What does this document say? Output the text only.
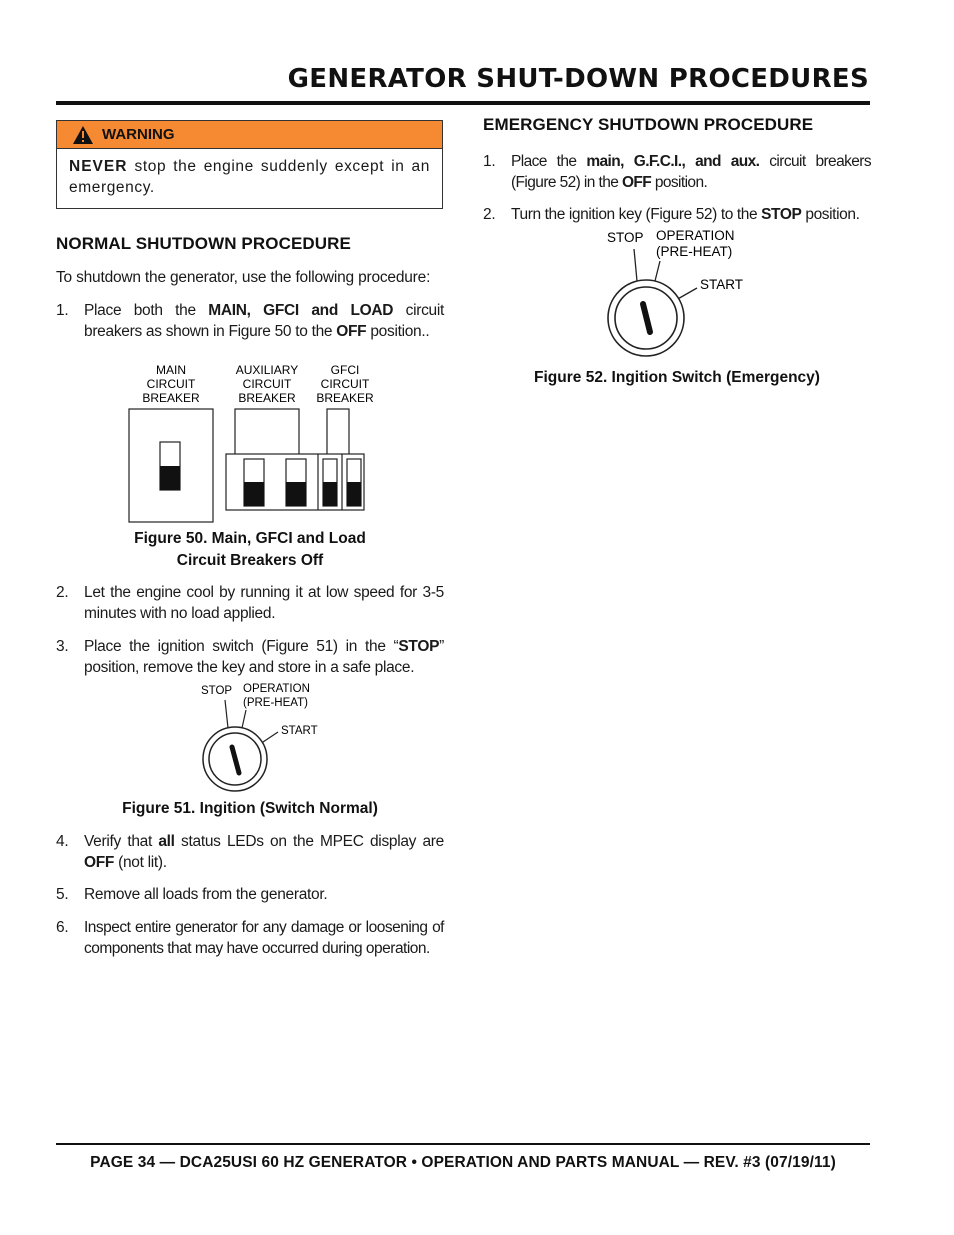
GENERATOR SHUT-DOWN PROCEDURES
WARNING
NEVER stop the engine suddenly except in an emergency.
NORMAL SHUTDOWN PROCEDURE
To shutdown the generator, use the following procedure:
1. Place both the MAIN, GFCI and LOAD circuit breakers as shown in Figure 50 to the OFF position..
MAIN
CIRCUIT
BREAKER
AUXILIARY
CIRCUIT
BREAKER
GFCI
CIRCUIT
BREAKER
Figure 50. Main, GFCI and Load
Circuit Breakers Off
2. Let the engine cool by running it at low speed for 3-5 minutes with no load applied.
3. Place the ignition switch (Figure 51) in the “STOP” position, remove the key and store in a safe place.
STOP OPERATION
(PRE-HEAT)
START
Figure 51. Ingition (Switch Normal)
4. Verify that all status LEDs on the MPEC display are OFF (not lit).
5. Remove all loads from the generator.
6. Inspect entire generator for any damage or loosening of components that may have occurred during operation.
EMERGENCY SHUTDOWN PROCEDURE
1. Place the main, G.F.C.I., and aux. circuit breakers (Figure 52) in the OFF position.
2. Turn the ignition key (Figure 52) to the STOP position.
STOP OPERATION
(PRE-HEAT)
START
Figure 52. Ingition Switch (Emergency)
PAGE 34 — DCA25USI 60 HZ GENERATOR • OPERATION AND PARTS MANUAL — REV. #3 (07/19/11)
